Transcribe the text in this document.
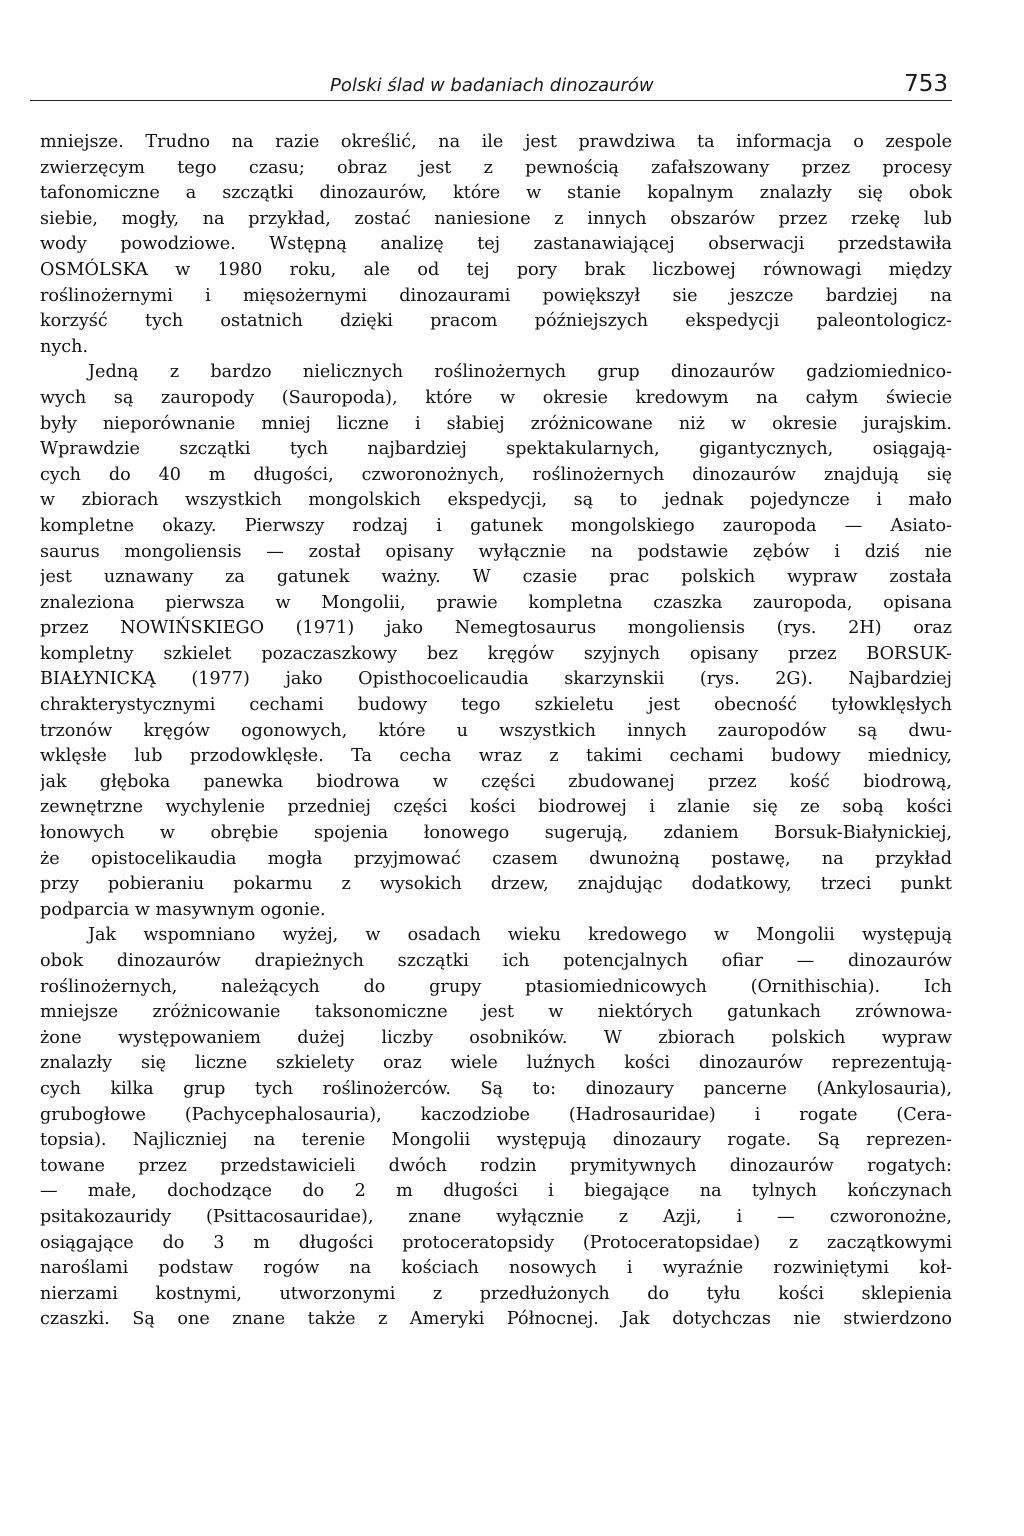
Polski ślad w badaniach dinozaurów	753
mniejsze. Trudno na razie określić, na ile jest prawdziwa ta informacja o zespole
zwierzęcym tego czasu; obraz jest z pewnością zafałszowany przez procesy
tafonomiczne a szczątki dinozaurów, które w stanie kopalnym znalazły się obok
siebie, mogły, na przykład, zostać naniesione z innych obszarów przez rzekę lub
wody powodziowe. Wstępną analizę tej zastanawiającej obserwacji przedstawiła
OSMÓLSKA w 1980 roku, ale od tej pory brak liczbowej równowagi między
roślinożernymi i mięsożernymi dinozaurami powiększył sie jeszcze bardziej na
korzyść tych ostatnich dzięki pracom późniejszych ekspedycji paleontologicz-
nych.
Jedną z bardzo nielicznych roślinożernych grup dinozaurów gadziomiednico-
wych są zauropody (Sauropoda), które w okresie kredowym na całym świecie
były nieporównanie mniej liczne i słabiej zróżnicowane niż w okresie jurajskim.
Wprawdzie szczątki tych najbardziej spektakularnych, gigantycznych, osiągają-
cych do 40 m długości, czworonożnych, roślinożernych dinozaurów znajdują się
w zbiorach wszystkich mongolskich ekspedycji, są to jednak pojedyncze i mało
kompletne okazy. Pierwszy rodzaj i gatunek mongolskiego zauropoda — Asiato-
saurus mongoliensis — został opisany wyłącznie na podstawie zębów i dziś nie
jest uznawany za gatunek ważny. W czasie prac polskich wypraw została
znaleziona pierwsza w Mongolii, prawie kompletna czaszka zauropoda, opisana
przez NOWIŃSKIEGO (1971) jako Nemegtosaurus mongoliensis (rys. 2H) oraz
kompletny szkielet pozaczaszkowy bez kręgów szyjnych opisany przez BORSUK-
BIAŁYNICKĄ (1977) jako Opisthocoelicaudia skarzynskii (rys. 2G). Najbardziej
chrakterystycznymi cechami budowy tego szkieletu jest obecność tyłowklęsłych
trzonów kręgów ogonowych, które u wszystkich innych zauropodów są dwu-
wklęsłe lub przodowklęsłe. Ta cecha wraz z takimi cechami budowy miednicy,
jak głęboka panewka biodrowa w części zbudowanej przez kość biodrową,
zewnętrzne wychylenie przedniej części kości biodrowej i zlanie się ze sobą kości
łonowych w obrębie spojenia łonowego sugerują, zdaniem Borsuk-Białynickiej,
że opistocelikaudia mogła przyjmować czasem dwunożną postawę, na przykład
przy pobieraniu pokarmu z wysokich drzew, znajdując dodatkowy, trzeci punkt
podparcia w masywnym ogonie.
Jak wspomniano wyżej, w osadach wieku kredowego w Mongolii występują
obok dinozaurów drapieżnych szczątki ich potencjalnych ofiar — dinozaurów
roślinożernych, należących do grupy ptasiomiednicowych (Ornithischia). Ich
mniejsze zróżnicowanie taksonomiczne jest w niektórych gatunkach zrównowa-
żone występowaniem dużej liczby osobników. W zbiorach polskich wypraw
znalazły się liczne szkielety oraz wiele luźnych kości dinozaurów reprezentują-
cych kilka grup tych roślinożerców. Są to: dinozaury pancerne (Ankylosauria),
grubogłowe (Pachycephalosauria), kaczodziobe (Hadrosauridae) i rogate (Cera-
topsia). Najliczniej na terenie Mongolii występują dinozaury rogate. Są reprezen-
towane przez przedstawicieli dwóch rodzin prymitywnych dinozaurów rogatych:
— małe, dochodzące do 2 m długości i biegające na tylnych kończynach
psitakozauridy (Psittacosauridae), znane wyłącznie z Azji, i — czworonożne,
osiągające do 3 m długości protoceratopsidy (Protoceratopsidae) z zaczątkowymi
naroślami podstaw rogów na kościach nosowych i wyraźnie rozwiniętymi koł-
nierzami kostnymi, utworzonymi z przedłużonych do tyłu kości sklepienia
czaszki. Są one znane także z Ameryki Północnej. Jak dotychczas nie stwierdzono
